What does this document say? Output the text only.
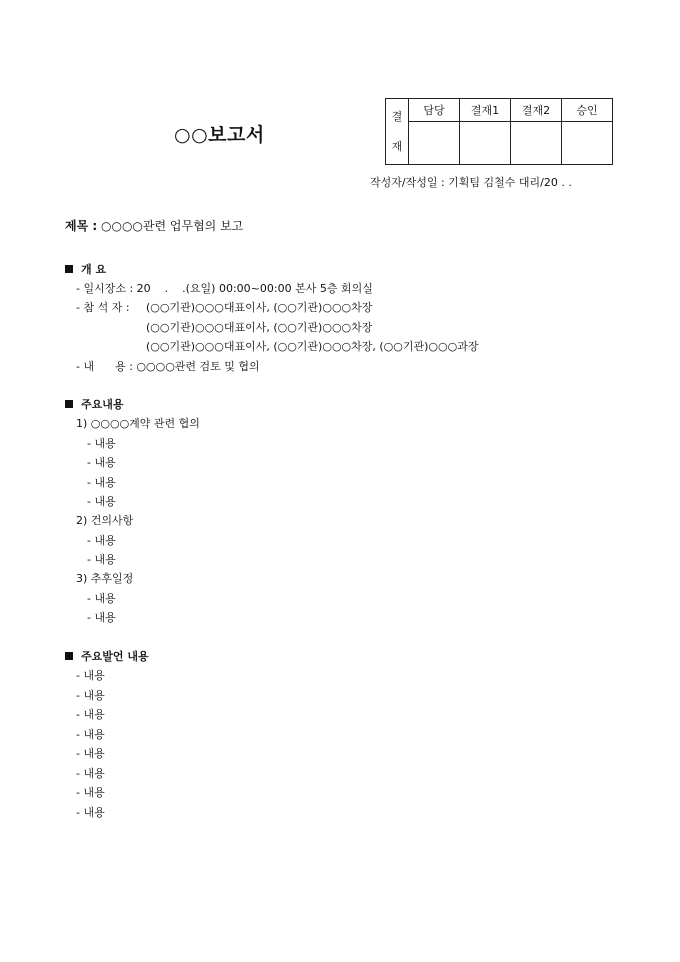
○○보고서
결
재	담당	결재1	결재2	승인

작성자/작성일 : 기획팀 김철수 대리/20 . .
제목 : ○○○○관련 업무협의 보고
개 요
- 일시장소 : 20    .    .(요일) 00:00~00:00 본사 5층 회의실
- 참 석 자 : (○○기관)○○○대표이사, (○○기관)○○○차장
(○○기관)○○○대표이사, (○○기관)○○○차장
(○○기관)○○○대표이사, (○○기관)○○○차장, (○○기관)○○○과장
- 내      용 : ○○○○관련 검토 및 협의
주요내용
1) ○○○○계약 관련 협의
- 내용
- 내용
- 내용
- 내용
2) 건의사항
- 내용
- 내용
3) 추후일정
- 내용
- 내용
주요발언 내용
- 내용
- 내용
- 내용
- 내용
- 내용
- 내용
- 내용
- 내용
